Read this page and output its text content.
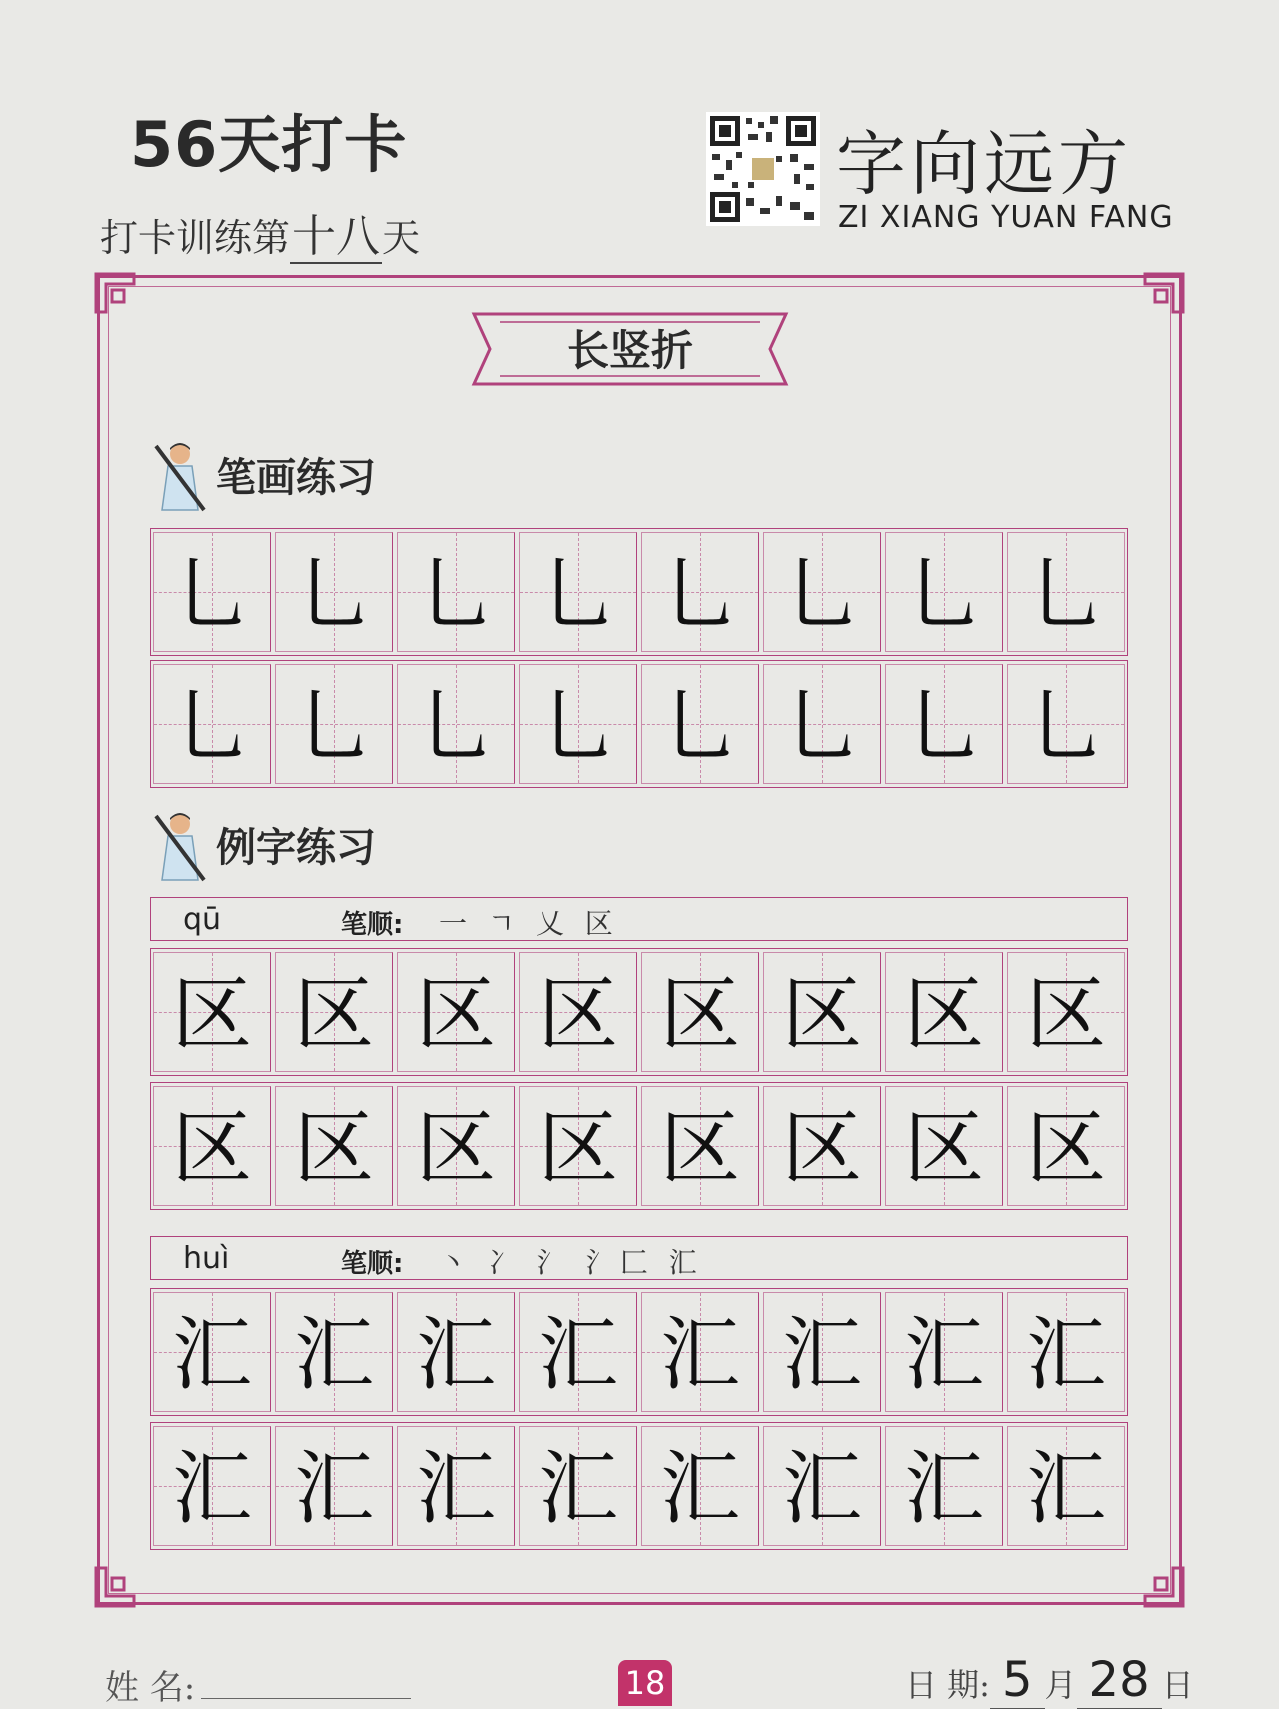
56天打卡
打卡训练第十八天
字向远方
ZI XIANG YUAN FANG
长竖折
笔画练习
乚 乚 乚 乚 乚 乚 乚 乚
乚 乚 乚 乚 乚 乚 乚 乚
例字练习
qū	笔顺: 一 ㄱ 乂 区
区 区 区 区 区 区 区 区
区 区 区 区 区 区 区 区
huì	笔顺: 丶 冫 氵 氵匚 汇
汇 汇 汇 汇 汇 汇 汇 汇
汇 汇 汇 汇 汇 汇 汇 汇
姓 名:	18	日 期: 5 月 28 日
